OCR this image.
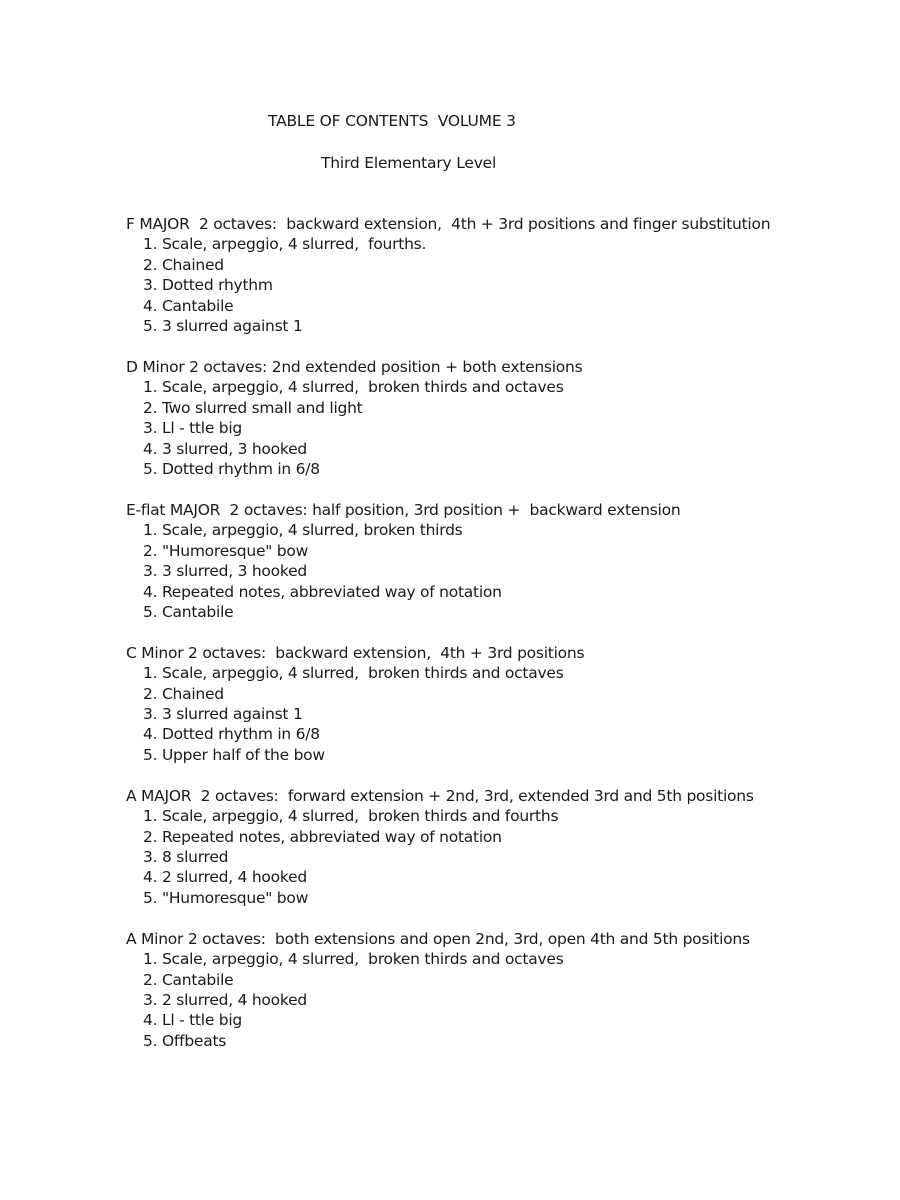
TABLE OF CONTENTS  VOLUME 3
Third Elementary Level
F MAJOR  2 octaves:  backward extension,  4th + 3rd positions and finger substitution
1. Scale, arpeggio, 4 slurred,  fourths.
2. Chained
3. Dotted rhythm
4. Cantabile
5. 3 slurred against 1
D Minor 2 octaves: 2nd extended position + both extensions
1. Scale, arpeggio, 4 slurred,  broken thirds and octaves
2. Two slurred small and light
3. Ll - ttle big
4. 3 slurred, 3 hooked
5. Dotted rhythm in 6/8
E-flat MAJOR  2 octaves: half position, 3rd position +  backward extension
1. Scale, arpeggio, 4 slurred, broken thirds
2. "Humoresque" bow
3. 3 slurred, 3 hooked
4. Repeated notes, abbreviated way of notation
5. Cantabile
C Minor 2 octaves:  backward extension,  4th + 3rd positions
1. Scale, arpeggio, 4 slurred,  broken thirds and octaves
2. Chained
3. 3 slurred against 1
4. Dotted rhythm in 6/8
5. Upper half of the bow
A MAJOR  2 octaves:  forward extension + 2nd, 3rd, extended 3rd and 5th positions
1. Scale, arpeggio, 4 slurred,  broken thirds and fourths
2. Repeated notes, abbreviated way of notation
3. 8 slurred
4. 2 slurred, 4 hooked
5. "Humoresque" bow
A Minor 2 octaves:  both extensions and open 2nd, 3rd, open 4th and 5th positions
1. Scale, arpeggio, 4 slurred,  broken thirds and octaves
2. Cantabile
3. 2 slurred, 4 hooked
4. Ll - ttle big
5. Offbeats
